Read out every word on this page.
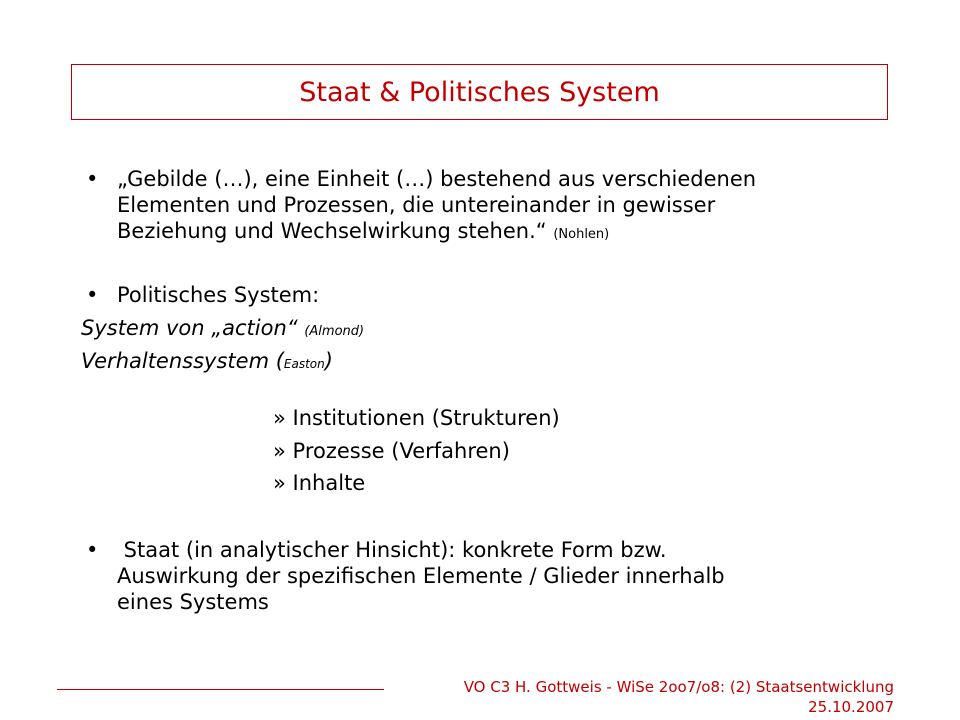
Staat & Politisches System
• „Gebilde (…), eine Einheit (…) bestehend aus verschiedenen
Elementen und Prozessen, die untereinander in gewisser
Beziehung und Wechselwirkung stehen.“ (Nohlen)
• Politisches System:
System von „action“ (Almond)
Verhaltenssystem (Easton)
» Institutionen (Strukturen)
» Prozesse (Verfahren)
» Inhalte
• Staat (in analytischer Hinsicht): konkrete Form bzw.
Auswirkung der spezifischen Elemente / Glieder innerhalb
eines Systems
VO C3 H. Gottweis - WiSe 2oo7/o8: (2) Staatsentwicklung
25.10.2007
